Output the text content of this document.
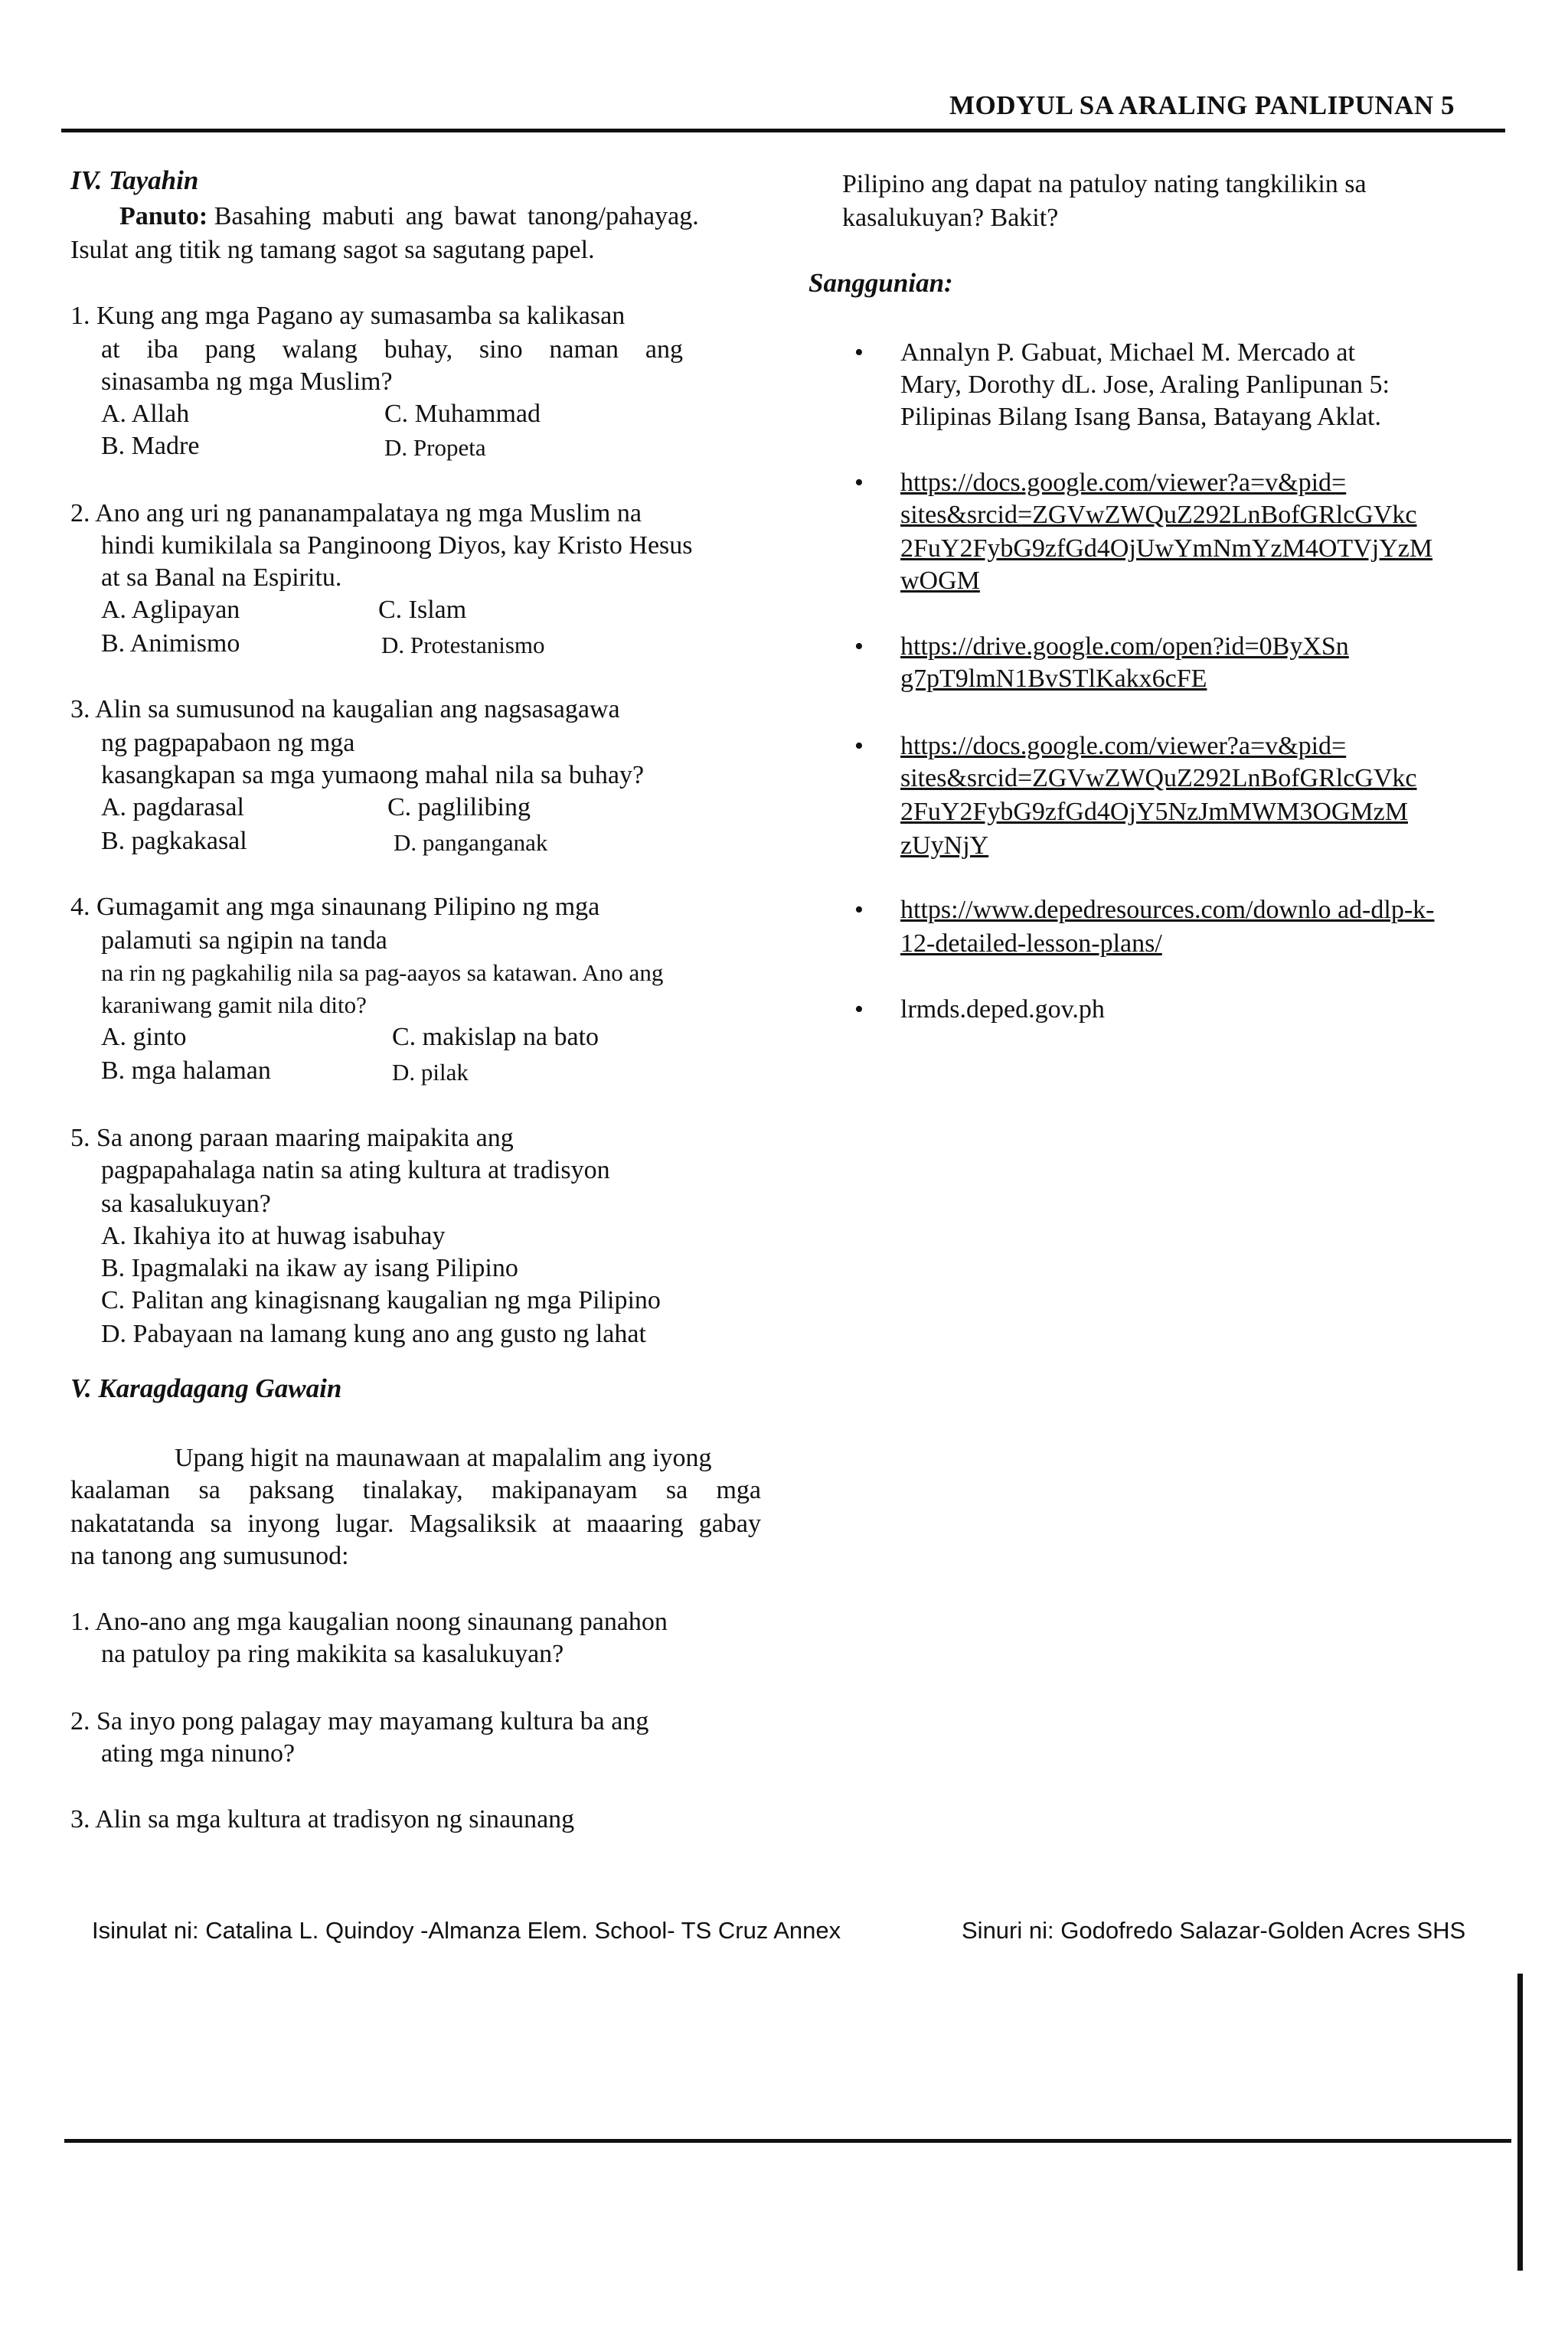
MODYUL SA ARALING PANLIPUNAN 5
IV. Tayahin
Panuto: Basahing mabuti ang bawat tanong/pahayag.
Isulat ang titik ng tamang sagot sa sagutang papel.
1. Kung ang mga Pagano ay sumasamba sa kalikasan
at iba pang walang buhay, sino naman ang
sinasamba ng mga Muslim?
A. Allah	C. Muhammad
B. Madre	D. Propeta
2. Ano ang uri ng pananampalataya ng mga Muslim na
hindi kumikilala sa Panginoong Diyos, kay Kristo Hesus
at sa Banal na Espiritu.
A. Aglipayan	C. Islam
B. Animismo	D. Protestanismo
3. Alin sa sumusunod na kaugalian ang nagsasagawa
ng pagpapabaon ng mga
kasangkapan sa mga yumaong mahal nila sa buhay?
A. pagdarasal	C. paglilibing
B. pagkakasal	D. panganganak
4. Gumagamit ang mga sinaunang Pilipino ng mga
palamuti sa ngipin na tanda
na rin ng pagkahilig nila sa pag-aayos sa katawan. Ano ang
karaniwang gamit nila dito?
A. ginto	C. makislap na bato
B. mga halaman	D. pilak
5. Sa anong paraan maaring maipakita ang
pagpapahalaga natin sa ating kultura at tradisyon
sa kasalukuyan?
A. Ikahiya ito at huwag isabuhay
B. Ipagmalaki na ikaw ay isang Pilipino
C. Palitan ang kinagisnang kaugalian ng mga Pilipino
D. Pabayaan na lamang kung ano ang gusto ng lahat
V. Karagdagang Gawain
Upang higit na maunawaan at mapalalim ang iyong
kaalaman sa paksang tinalakay, makipanayam sa mga
nakatatanda sa inyong lugar. Magsaliksik at maaaring gabay
na tanong ang sumusunod:
1. Ano-ano ang mga kaugalian noong sinaunang panahon
na patuloy pa ring makikita sa kasalukuyan?
2. Sa inyo pong palagay may mayamang kultura ba ang
ating mga ninuno?
3. Alin sa mga kultura at tradisyon ng sinaunang
Pilipino ang dapat na patuloy nating tangkilikin sa
kasalukuyan? Bakit?
Sanggunian:
• Annalyn P. Gabuat, Michael M. Mercado at
Mary, Dorothy dL. Jose, Araling Panlipunan 5:
Pilipinas Bilang Isang Bansa, Batayang Aklat.
• https://docs.google.com/viewer?a=v&pid=
sites&srcid=ZGVwZWQuZ292LnBofGRlcGVkc
2FuY2FybG9zfGd4OjUwYmNmYzM4OTVjYzM
wOGM
• https://drive.google.com/open?id=0ByXSn
g7pT9lmN1BvSTlKakx6cFE
• https://docs.google.com/viewer?a=v&pid=
sites&srcid=ZGVwZWQuZ292LnBofGRlcGVkc
2FuY2FybG9zfGd4OjY5NzJmMWM3OGMzM
zUyNjY
• https://www.depedresources.com/downlo ad-dlp-k-
12-detailed-lesson-plans/
• lrmds.deped.gov.ph
Isinulat ni: Catalina L. Quindoy -Almanza Elem. School- TS Cruz Annex	Sinuri ni: Godofredo Salazar-Golden Acres SHS
